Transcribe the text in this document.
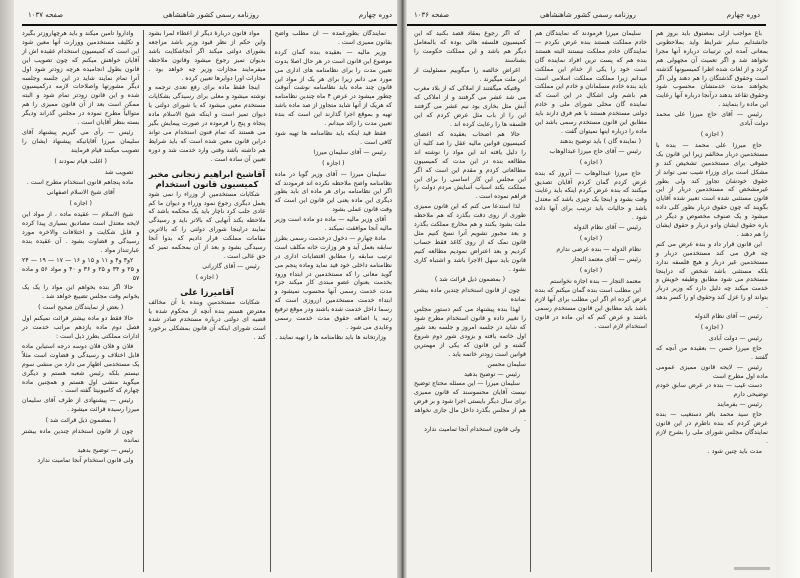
دوره چهارم
روزنامه رسمی کشور شاهنشاهی
صفحه ۱۰۳۷

نمایندگان بطورعمده — آن مطلب واضح بقانون ممیزی است .

وزیر مالیه — بعقیده بنده گمان کرده موضوع این قانون است در هر حال اصلا بدوت تعیین مدت را برای نظامنامه های اداری می مورد می دانم زیرا برای هر یک از مواد این قانون چند ماده باید نظامنامه نوشت آنوقت چطور میشود در عرض ۴ ماه چندین نظامنامه که هریک از آنها شاید متجاوز از صد ماده باشد تهیه و بموقع اجرا گذارند این است که بنده تعیین مدت را زائد میدانم .

فقط قید اینکه باید نظامنامه ها تهیه شود کافی است .

رئیس — آقای سلیمان میرزا

( اجازه )

سلیمان میرزا — آقای وزیر گویا در ماده نظامنامه واضح ملاحظه نکرده اند فرمودند که اگر این نظامنامه برای هر ماده ای باید بطور دیگری این ماده یعنی این قانون این است که وقت قانون عملی بشود

آقای وزیر مالیه — ماده دو ماده است وزیر مالیه آنجا موافقت نمیکند .

مادۀ چهارم — دخول درخدمت رسمی بطرز سابقه بعمل آید و هر وزارت خانه مکلف است ترتیب سابقه را مطابق اقتضایات اداری در نظامنامه داخلی خود قید نماید وماده پنجم می گوید معانی را که مستخدمین در ابتداء ورود بخدمت بعنوان عضو مبتدی کار میکند جزء مدت خدمت رسمی آنها محسوب نمیشود و ابتداء خدمت مستخدمین ازروزی است که رسما داخل خدمت شده باشند ودر موقع ترفیع رتبه یا اضافه حقوق مدت خدمت رسمی وعایدی می شود .

وزارتخانه ها باید نظامنامه ها را تهیه نمایند .

مواد قانون دربارۀ دیگر از اعطاء لمرا بشود واین حکم از نظر قیود وزیر باشد مراجعه بشورای دولتی میکند اگر آنجاشکایت باشد بدیوان تمیز رجوع میشود وقانون ملاحظه میفرمایند مجازات وزیر چه خواهد بود . مجازات اورا دوایرها تعیین کرده .

اینجا فقط ماده برای رفع تعدی ترجمه و نوشته میشود و معلی برای رسیدگی بشکایات مستخدم معین میشود که یا شورای دولتی یا دیوان تمیز است و اینکه شیخ الاسلام ماده پنجاه و پنج را فرموده در صورت پیمایش بگیر می هستند که تمام فنون استخدام می تواند دراین قانون معین شده است که باید شرایط هم داشته باشد وقتی وارد خدمت شد و دوره تعیین آن ساده است .

آقاشیخ ابراهیم زنجانی مخبر کمیسیون قانون استخدام

شکایات مستخدمین از وزراء را نمی شود بعمل دیگری رجوع نمود وزراء و دیوان ما کم عادی جلب کرد ناچار باید یک محکمه باشد که ملاحظه بکند آنهایی که بالاتر باید و رسیدگی نمایند دراینجا شورای دولتی را که بالاترین مقامات مملکت قرار دادیم که بدوا آنجا رسیدگی بشود و بعد از آن بمحکمه تمیز که حق عالی است .

رئیس — آقای گازرانی

( اجازه )

آقامیرزا علی

شکایات مستخدمین وبنده با آن مخالف معترض هستم بنده آنچه از محکوم شده یا قضیه ای دولتی درباره مستخدم صادر شده است شورای اینکه آن قانون بمشکلی برخورد کند .

واداروا تأمین میکند و باید هرچهاروزتر بگیرد و تکلیف مستخدمین وورارت آنها معین شود این است که کمیسیون استخدام عقیده اش از آقایان خواهش میکنم که چون تصویب این قانون بطول انجامیده هرچه زودتر شود اول آنرا تمام نمایند شاید در این جلسه وجلسه دیگر مشورتها واصلاحات لازمه درکمیسیون شده و این قانون زودتر تمام شود و البته ممکن است بعد از آن قانون ممیزی را هم متوالیاً مطرح نموده در مجلس گذراند ودیگر بسته بنظر آقایان است .

رئیس — رأی می گیریم پیشنهاد آقای سلیمان میرزا آقایانیکه پیشنهاد ایشان را تصویب میکنند قیام فرمایند

( اغلب قیام نمودند )

تصویب شد

ماده پنجاهم قانون استخدام مطرح است .

آقای شیخ الاسلام اصفهانی

( اجازه )

شیخ الاسلام — عقیده ماده ، از مواد این لایحه معتدل است مصادیق بسیاری پیدا کرده و قابل شکایت و اختلافات والاخره مورد رسیدگی و قضاوت بشود . آن عقیده بنده عبارتنداز مواد .

۲و۳ و۴ و ۱۱ و ۱۵ و ۱۶ — ۱۷ — ۱۹ — ۲۴ و ۲۵ و ۳۴ و ۲۵ و ۳۶ و ۴۰ و مواد ۵۶ و ماده ۵۷

حالا اگر بنده بخواهم این مواد را یک یک بخوانم وقت مجلس تضییع خواهد شد .

( بعض از نمایندگان صحیح است )

حالا فقط دو ماده بیشتر قرائت نمیکنم اول فصل دوم ماده یازدهم مراتب خدمت در ادارات مملکتی بطرز ذیل است :

فلان و فلان فلان دوسه درجه استیاین ماده قابل اختلاف و رسیدگی و قضاوت است مثلاً یک مستخدمی اظهار می دارد من منشی سوم نیستم بلکه رئیس شعبه هستم و دیگری میگوید منشی اول هستم و همچنین ماده چهارم که کامیونیتا گفته است .

رئیس — پیشنهادی از طرف آقای سلیمان میرزا رسیده قرائت میشود .

( بمضمون ذیل قرائت شد )

چون از قانون استخدام چندین ماده بیشتر نمانده

رئیس — توضیح بدهید

ولی قانون استخدام آنجا تمامیت ندارد

دوره چهارم
روزنامه رسمی کشور شاهنشاهی
صفحه ۱۰۳۶

باغ مواجب ازلی بمصنوق باید بروز هم جانشدایم سایر شرایط واید بملاحظونی بمعانی آمده این ترتیبات درباره آنها مجرا نخواهد شد و اگر تعمیت آن مجهولی هم گردد و از لغات شده اطرا کمیسیونها گذشته است وحقوق گذشتگان را هم دهند ولی اگر بخواهند مدت خدمتشان محسوب شود وحقوق تقاعد بدهند درآنجا درباره آنها رعایت این ماده را بنمایند .

رئیس — آقای حاج میرزا علی محمد دولت آبادی

( اجازه )

حاج میرزا علی محمد — بنده با مستخدمین دربار مخالفم زیرا این قانون یک حقوقی برای مستخدمین تشخیص کند و مشکل است برای وزراء شیب نمی تواند از حقوق خودشان تجاوز کند ولی بطور غیرمشخص که مستخدمین دربار از این قانون مستثنی شده است تعبیر شده آقایان بگویند که چون حقوق دربار بطور کلی داده میشود و یک صنوف مخصوص و دیگر در باره حقوق ایشان وادو دربار و حقوق ایشان را هم دهند .

این قانون قرار داد و بنده عرض می کنم چه فرق می کند مستخدمین دربار و مستخدمین غیر دربار و هیچ فلسفه ندارد بلکه مستثنی باشد شخص که دراینجا مستخدم می شود مطابق وظیفه خویش و خدمت میکند چه دلیل دارد که وزیر دربار بتواند او را عزل کند وحقوق او را کسر بدهد .

رئیس — آقای نظام الدوله

( اجازه )

رئیس — دولت آبادی

حاج میرزا حسن — بعقیده من آنچه که گفتند .

رئیس — لایحه قانون ممیزی عمومی ماده اول مطرح است

دست غیب — بنده در عرض سابق خودم توضیحی دارم

رئیس — بفرمایند

حاج سید محمد باقر دستغیب — بنده عرض کردم که بنده ناطرم در این قانون نمایندگان مجلس شورای ملی را بشرح لازم .

مدت باید چنین شود .

سلیمان میرزا فرمودند که نمایندگان هم خادم مملکت هستند بنده عرض نکردم — نمایندگان خادم مملکت نیستند البته هستند بنده هم که پست ترین افراد نماینده گان است خود را یکی از خدام این مملکت میدانم زیرا مملکت مملکت اسلامی است باید بنده خادم مسلمانان و خادم این مملکت هم باشم ولی اشکال در این است که نماینده گان محلی شورای ملی و خادم دولتی مستخدم هستند با هم فرق دارند باید مطابق این قانون مستخدم رسمی باشد این ماده را درباره اینها نمیتوان گفت .

( نماینده گان ) باید توضیح بدهند

رئیس — آقای حاج میرزا عبدالوهاب

( اجازه )

حاج میرزا عبدالوهاب — آنروز که بنده عرض کردم گمان کردم آقایان تصدیق میکنند که بنده عرض کردم اینکه باید رعایت وقت بشود و اینجا یک چیزی باشد که معتدل باشد و حالیات باید ترتیب برای آنها داده شود .

رئیس — آقای نظام الدوله

( اجازه )

نظام الدوله — بنده عرضی ندارم

رئیس — آقای معتمد التجار

( اجازه )

معتمد التجار — بنده اجازه نخواستم

این مطلب است بنده گمان میکنم که بنده عرض کرده ام اگر این مطلب برای آنها لازم باشد باید مطابق این قانون مستخدم رسمی باشند و عرض کنم که این ماده در قانون استخدام لازم است .

که اگر رجوع بمقاد قصد بکنید که این کمیسیون فلسفه هائی بوده که بالمعامل دیگر هم باشد و این مملکت حکومت را بشناسند

اغراض خالصه را میگوییم مسئولیت از این ملت میگیرند .

وقتیکه میگفتند از املاکی که از بلاد مغرب می شد عشر می گرفتند و از املاکی که آبش مثل بخاری بود نیم عشر می گرفتند این را از باب مثل عرض کردم که این فلسفه ها را رعایت کرده اند .

حالا هم اصحاب بعقیده که اعضای کمیسیون قوانین مالیه عقل را صد کلیه آن را دلیل یافته اند این مواد را نوشته اند مطالعه بنده در این مدت که کمیسیون مطالعاتی کردم و مقدم این است که اگر این مجلس این کار اساسی را برای این مملکت بکند اسباب آسایش مردم دولت را فراهم نموده است .

لذا استدعا می کنم که این قانون ممیزی طوری از روی دقت بگذرد که هم ملاحظه ملت بشود بکنند و هم مخارج مملکت بگذرد و بعد مجبور نشویم آنرا نسخ کنیم مثل قانون نمک که از روی کاغذ فقط حساب کردیم و بعد اعتراض نمودیم مطالعه کنیم قانون باید سهل الاجرا باشد و اشتباه کاری نشود .

( بمضمون ذیل قرائت شد )

چون از قانون استخدام چندین ماده بیشتر نمانده

لهذا بنده پیشنهاد می کنم دستور مجلس را تغییر داده و قانون استخدام مطرح شود که شاید در جلسه امروز و جلسه بعد شور اول خاتمه یافته و بزودی شور دوم شروع گشته و این قانون که یکی از مهمترین قوانین است زودتر خاتمه یابد .

سلیمان محسن

رئیس — توضیح بدهید

سلیمان میرزا — این مسئله محتاج توضیح نیست آقایان محسوسند که قانون ممیزی برای سال دیگر بایستی اجرا شود و بر فرض هم از مجلس بگذرد داخل مال جاری نخواهد .

ولی قانون استخدام آنجا تمامیت ندارد
